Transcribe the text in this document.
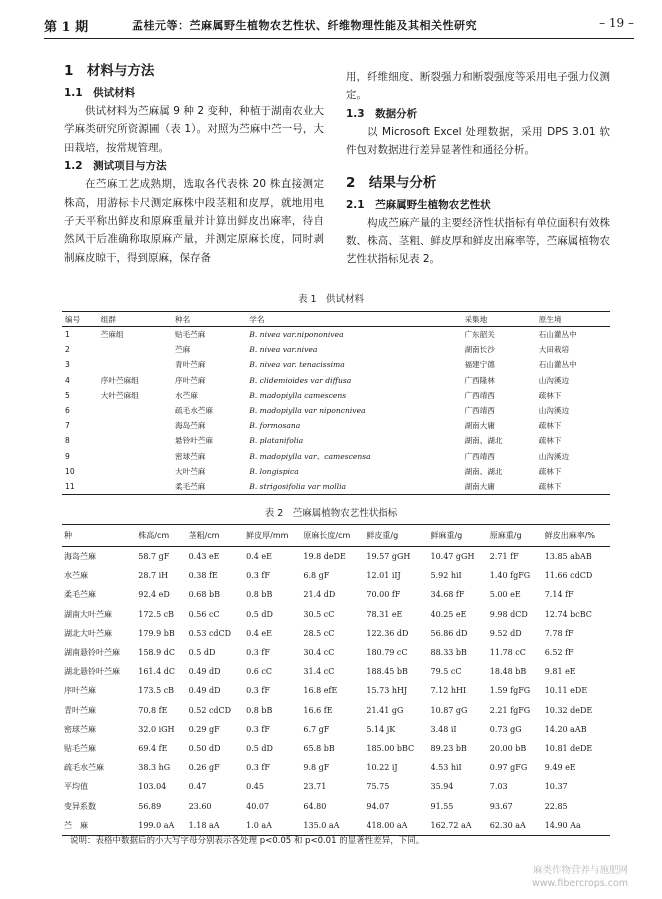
第 1 期	孟桂元等：苎麻属野生植物农艺性状、纤维物理性能及其相关性研究	– 19 –
1　材料与方法
1.1　供试材料

供试材料为苎麻属 9 种 2 变种，种植于湖南农业大学麻类研究所资源圃（表 1）。对照为苎麻中苎一号，大田栽培，按常规管理。

1.2　测试项目与方法

在苎麻工艺成熟期，选取各代表株 20 株直接测定株高，用游标卡尺测定麻株中段茎粗和皮厚，就地用电子天平称出鲜皮和原麻重量并计算出鲜皮出麻率，待自然风干后准确称取原麻产量，并测定原麻长度，同时剥制麻皮晾干，得到原麻，保存备

用，纤维细度、断裂强力和断裂强度等采用电子强力仪测定。

1.3　数据分析

以 Microsoft Excel 处理数据，采用 DPS 3.01 软件包对数据进行差异显著性和通径分析。

2　结果与分析
2.1　苎麻属野生植物农艺性状

构成苎麻产量的主要经济性状指标有单位面积有效株数、株高、茎粗、鲜皮厚和鲜皮出麻率等，苎麻属植物农艺性状指标见表 2。

表 1　供试材料
编号	组群	种名	学名	采集地	原生境
1	苎麻组	贴毛苎麻	B. nivea var.nipononivea	广东韶关	石山灌丛中
2		苎麻	B. nivea var.nivea	湖南长沙	大田栽培
3		青叶苎麻	B. nivea var. tenacissima	福建宁德	石山灌丛中
4	序叶苎麻组	序叶苎麻	B. clidemioides var diffusa	广西隆林	山沟溪边
5	大叶苎麻组	水苎麻	B. madopiylla camescens	广西靖西	疏林下
6		疏毛水苎麻	B. madopiylla var niponcnivea	广西靖西	山沟溪边
7		海岛苎麻	B. formosana	湖南大庸	疏林下
8		悬铃叶苎麻	B. platanifolia	湖南、湖北	疏林下
9		密球苎麻	B. madopiylla var、camescensa	广西靖西	山沟溪边
10		大叶苎麻	B. longispica	湖南、湖北	疏林下
11		柔毛苎麻	B. strigosifolia var mollia	湖南大庸	疏林下
表 2　苎麻属植物农艺性状指标
种	株高/cm	茎粗/cm	鲜皮厚/mm	原麻长度/cm	鲜皮重/g	鲜麻重/g	原麻重/g	鲜皮出麻率/%
海岛苎麻	58.7 gF	0.43 eE	0.4 eE	19.8 deDE	19.57 gGH	10.47 gGH	2.71 fF	13.85 abAB
水苎麻	28.7 iH	0.38 fE	0.3 fF	6.8 gF	12.01 iIJ	5.92 hiI	1.40 fgFG	11.66 cdCD
柔毛苎麻	92.4 eD	0.68 bB	0.8 bB	21.4 dD	70.00 fF	34.68 fF	5.00 eE	7.14 fF
湖南大叶苎麻	172.5 cB	0.56 cC	0.5 dD	30.5 cC	78.31 eE	40.25 eE	9.98 dCD	12.74 bcBC
湖北大叶苎麻	179.9 bB	0.53 cdCD	0.4 eE	28.5 cC	122.36 dD	56.86 dD	9.52 dD	7.78 fF
湖南悬铃叶苎麻	158.9 dC	0.5 dD	0.3 fF	30.4 cC	180.79 cC	88.33 bB	11.78 cC	6.52 fF
湖北悬铃叶苎麻	161.4 dC	0.49 dD	0.6 cC	31.4 cC	188.45 bB	79.5 cC	18.48 bB	9.81 eE
序叶苎麻	173.5 cB	0.49 dD	0.3 fF	16.8 efE	15.73 hHJ	7.12 hHI	1.59 fgFG	10.11 eDE
青叶苎麻	70.8 fE	0.52 cdCD	0.8 bB	16.6 fE	21.41 gG	10.87 gG	2.21 fgFG	10.32 deDE
密球苎麻	32.0 iGH	0.29 gF	0.3 fF	6.7 gF	5.14 jK	3.48 iI	0.73 gG	14.20 aAB
贴毛苎麻	69.4 fE	0.50 dD	0.5 dD	65.8 bB	185.00 bBC	89.23 bB	20.00 bB	10.81 deDE
疏毛水苎麻	38.3 hG	0.26 gF	0.3 fF	9.8 gF	10.22 iJ	4.53 hiI	0.97 gFG	9.49 eE
平均值	103.04	0.47	0.45	23.71	75.75	35.94	7.03	10.37
变异系数	56.89	23.60	40.07	64.80	94.07	91.55	93.67	22.85
苎　麻	199.0 aA	1.18 aA	1.0 aA	135.0 aA	418.00 aA	162.72 aA	62.30 aA	14.90 Aa
说明：表格中数据后的小大写字母分别表示各处理 p<0.05 和 p<0.01 的显著性差异，下同。
麻类作物营养与施肥网
www.fibercrops.com
